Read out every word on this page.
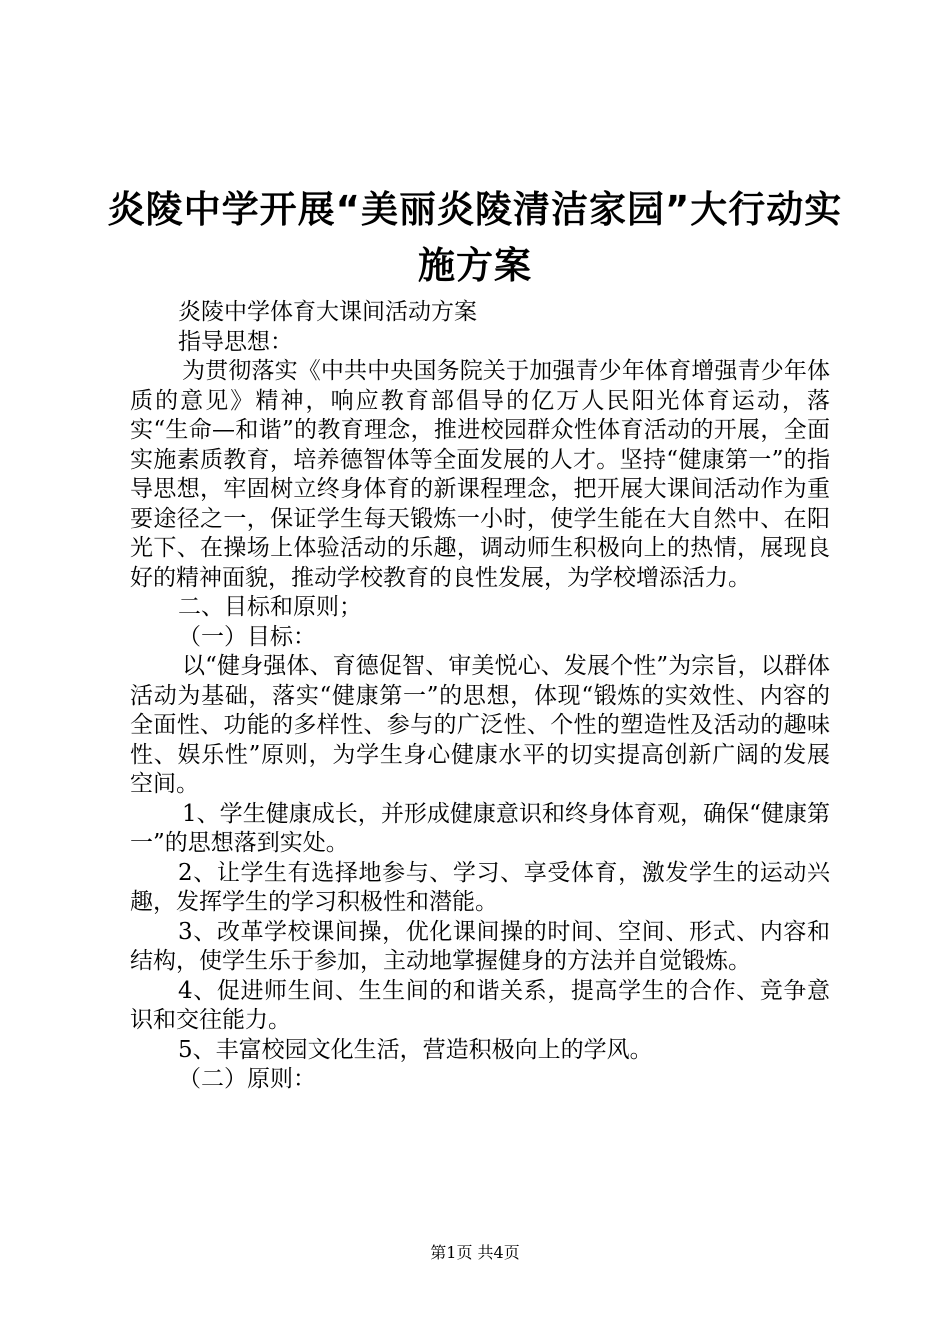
炎陵中学开展“美丽炎陵清洁家园”大行动实
施方案

炎陵中学体育大课间活动方案

指导思想：

为贯彻落实《中共中央国务院关于加强青少年体育增强青少年体质的意见》精神，响应教育部倡导的亿万人民阳光体育运动，落实“生命—和谐”的教育理念，推进校园群众性体育活动的开展，全面实施素质教育，培养德智体等全面发展的人才。坚持“健康第一”的指导思想，牢固树立终身体育的新课程理念，把开展大课间活动作为重要途径之一，保证学生每天锻炼一小时，使学生能在大自然中、在阳光下、在操场上体验活动的乐趣，调动师生积极向上的热情，展现良好的精神面貌，推动学校教育的良性发展，为学校增添活力。

二、目标和原则；

（一）目标：

以“健身强体、育德促智、审美悦心、发展个性”为宗旨，以群体活动为基础，落实“健康第一”的思想，体现“锻炼的实效性、内容的全面性、功能的多样性、参与的广泛性、个性的塑造性及活动的趣味性、娱乐性”原则，为学生身心健康水平的切实提高创新广阔的发展空间。

1、学生健康成长，并形成健康意识和终身体育观，确保“健康第一”的思想落到实处。

2、让学生有选择地参与、学习、享受体育，激发学生的运动兴趣，发挥学生的学习积极性和潜能。

3、改革学校课间操，优化课间操的时间、空间、形式、内容和结构，使学生乐于参加，主动地掌握健身的方法并自觉锻炼。

4、促进师生间、生生间的和谐关系，提高学生的合作、竞争意识和交往能力。

5、丰富校园文化生活，营造积极向上的学风。

（二）原则：

第1页 共4页
